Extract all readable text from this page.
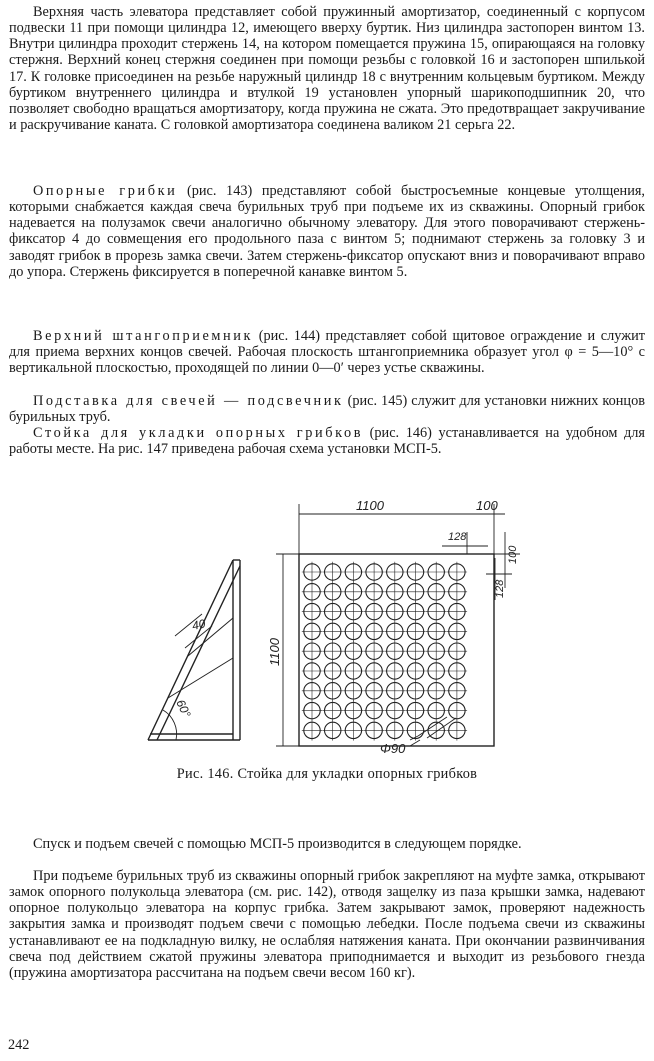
Верхняя часть элеватора представляет собой пружинный амортизатор, соединенный с корпусом подвески 11 при помощи цилиндра 12, имеющего вверху буртик. Низ цилиндра застопорен винтом 13. Внутри цилиндра проходит стержень 14, на котором помещается пружина 15, опирающаяся на головку стержня. Верхний конец стержня соединен при помощи резьбы с головкой 16 и застопорен шпилькой 17. К головке присоединен на резьбе наружный цилиндр 18 с внутренним кольцевым буртиком. Между буртиком внутреннего цилиндра и втулкой 19 установлен упорный шарикоподшипник 20, что позволяет свободно вращаться амортизатору, когда пружина не сжата. Это предотвращает закручивание и раскручивание каната. С головкой амортизатора соединена валиком 21 серьга 22.

Опорные грибки (рис. 143) представляют собой быстросъемные концевые утолщения, которыми снабжается каждая свеча бурильных труб при подъеме их из скважины. Опорный грибок надевается на полузамок свечи аналогично обычному элеватору. Для этого поворачивают стержень-фиксатор 4 до совмещения его продольного паза с винтом 5; поднимают стержень за головку 3 и заводят грибок в прорезь замка свечи. Затем стержень-фиксатор опускают вниз и поворачивают вправо до упора. Стержень фиксируется в поперечной канавке винтом 5.

Верхний штангоприемник (рис. 144) представляет собой щитовое ограждение и служит для приема верхних концов свечей. Рабочая плоскость штангоприемника образует угол φ = 5—10° с вертикальной плоскостью, проходящей по линии 0—0′ через устье скважины.

Подставка для свечей — подсвечник (рис. 145) служит для установки нижних концов бурильных труб.

Стойка для укладки опорных грибков (рис. 146) устанавливается на удобном для работы месте. На рис. 147 приведена рабочая схема установки МСП-5.

1100	100
128
100
128
1100
Φ90
40
60°
Рис. 146. Стойка для укладки опорных грибков

Спуск и подъем свечей с помощью МСП-5 производится в следующем порядке.

При подъеме бурильных труб из скважины опорный грибок закрепляют на муфте замка, открывают замок опорного полукольца элеватора (см. рис. 142), отводя защелку из паза крышки замка, надевают опорное полукольцо элеватора на корпус грибка. Затем закрывают замок, проверяют надежность закрытия замка и производят подъем свечи с помощью лебедки. После подъема свечи из скважины устанавливают ее на подкладную вилку, не ослабляя натяжения каната. При окончании развинчивания свеча под действием сжатой пружины элеватора приподнимается и выходит из резьбового гнезда (пружина амортизатора рассчитана на подъем свечи весом 160 кг).

242
